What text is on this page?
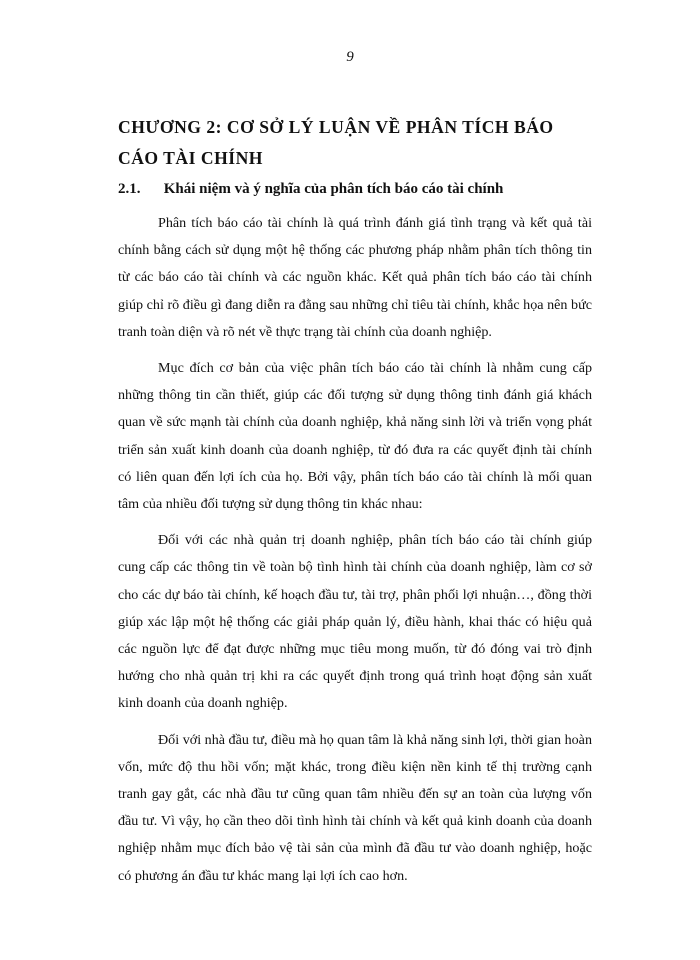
9
CHƯƠNG 2: CƠ SỞ LÝ LUẬN VỀ PHÂN TÍCH BÁO CÁO TÀI CHÍNH
2.1. Khái niệm và ý nghĩa của phân tích báo cáo tài chính

Phân tích báo cáo tài chính là quá trình đánh giá tình trạng và kết quả tài chính bằng cách sử dụng một hệ thống các phương pháp nhằm phân tích thông tin từ các báo cáo tài chính và các nguồn khác. Kết quả phân tích báo cáo tài chính giúp chỉ rõ điều gì đang diễn ra đằng sau những chỉ tiêu tài chính, khắc họa nên bức tranh toàn diện và rõ nét về thực trạng tài chính của doanh nghiệp.

Mục đích cơ bản của việc phân tích báo cáo tài chính là nhằm cung cấp những thông tin cần thiết, giúp các đối tượng sử dụng thông tinh đánh giá khách quan về sức mạnh tài chính của doanh nghiệp, khả năng sinh lời và triển vọng phát triển sản xuất kinh doanh của doanh nghiệp, từ đó đưa ra các quyết định tài chính có liên quan đến lợi ích của họ. Bởi vậy, phân tích báo cáo tài chính là mối quan tâm của nhiều đối tượng sử dụng thông tin khác nhau:

Đối với các nhà quản trị doanh nghiệp, phân tích báo cáo tài chính giúp cung cấp các thông tin về toàn bộ tình hình tài chính của doanh nghiệp, làm cơ sở cho các dự báo tài chính, kế hoạch đầu tư, tài trợ, phân phối lợi nhuận…, đồng thời giúp xác lập một hệ thống các giải pháp quản lý, điều hành, khai thác có hiệu quả các nguồn lực để đạt được những mục tiêu mong muốn, từ đó đóng vai trò định hướng cho nhà quản trị khi ra các quyết định trong quá trình hoạt động sản xuất kinh doanh của doanh nghiệp.

Đối với nhà đầu tư, điều mà họ quan tâm là khả năng sinh lợi, thời gian hoàn vốn, mức độ thu hồi vốn; mặt khác, trong điều kiện nền kinh tế thị trường cạnh tranh gay gắt, các nhà đầu tư cũng quan tâm nhiều đến sự an toàn của lượng vốn đầu tư. Vì vậy, họ cần theo dõi tình hình tài chính và kết quả kinh doanh của doanh nghiệp nhằm mục đích bảo vệ tài sản của mình đã đầu tư vào doanh nghiệp, hoặc có phương án đầu tư khác mang lại lợi ích cao hơn.
